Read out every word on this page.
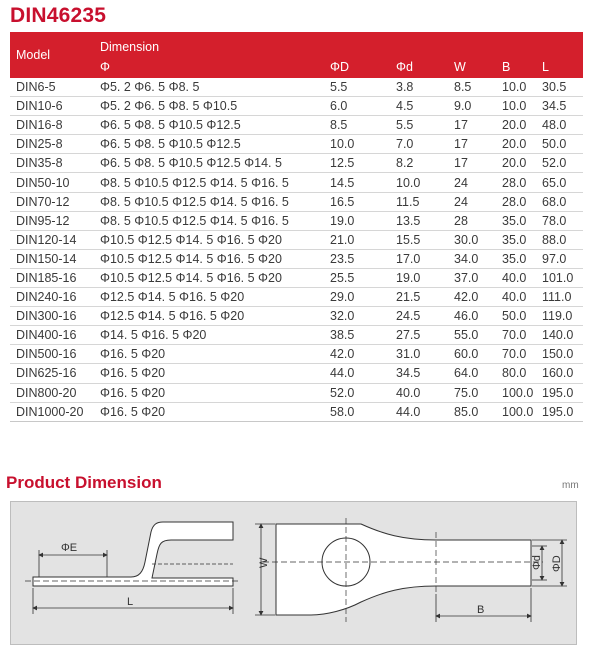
DIN46235
Model	Dimension					
	Φ	ΦD	Φd	W	B	L
DIN6-5	Φ5. 2 Φ6. 5 Φ8. 5	5.5	3.8	8.5	10.0	30.5
DIN10-6	Φ5. 2 Φ6. 5 Φ8. 5 Φ10.5	6.0	4.5	9.0	10.0	34.5
DIN16-8	Φ6. 5 Φ8. 5 Φ10.5 Φ12.5	8.5	5.5	17	20.0	48.0
DIN25-8	Φ6. 5 Φ8. 5 Φ10.5 Φ12.5	10.0	7.0	17	20.0	50.0
DIN35-8	Φ6. 5 Φ8. 5 Φ10.5 Φ12.5 Φ14. 5	12.5	8.2	17	20.0	52.0
DIN50-10	Φ8. 5 Φ10.5 Φ12.5 Φ14. 5 Φ16. 5	14.5	10.0	24	28.0	65.0
DIN70-12	Φ8. 5 Φ10.5 Φ12.5 Φ14. 5 Φ16. 5	16.5	11.5	24	28.0	68.0
DIN95-12	Φ8. 5 Φ10.5 Φ12.5 Φ14. 5 Φ16. 5	19.0	13.5	28	35.0	78.0
DIN120-14	Φ10.5 Φ12.5 Φ14. 5 Φ16. 5 Φ20	21.0	15.5	30.0	35.0	88.0
DIN150-14	Φ10.5 Φ12.5 Φ14. 5 Φ16. 5 Φ20	23.5	17.0	34.0	35.0	97.0
DIN185-16	Φ10.5 Φ12.5 Φ14. 5 Φ16. 5 Φ20	25.5	19.0	37.0	40.0	101.0
DIN240-16	Φ12.5 Φ14. 5 Φ16. 5 Φ20	29.0	21.5	42.0	40.0	111.0
DIN300-16	Φ12.5 Φ14. 5 Φ16. 5 Φ20	32.0	24.5	46.0	50.0	119.0
DIN400-16	Φ14. 5 Φ16. 5 Φ20	38.5	27.5	55.0	70.0	140.0
DIN500-16	Φ16. 5 Φ20	42.0	31.0	60.0	70.0	150.0
DIN625-16	Φ16. 5 Φ20	44.0	34.5	64.0	80.0	160.0
DIN800-20	Φ16. 5 Φ20	52.0	40.0	75.0	100.0	195.0
DIN1000-20	Φ16. 5 Φ20	58.0	44.0	85.0	100.0	195.0
Product Dimension	mm
ΦE
L
W
B
Φd ΦD
